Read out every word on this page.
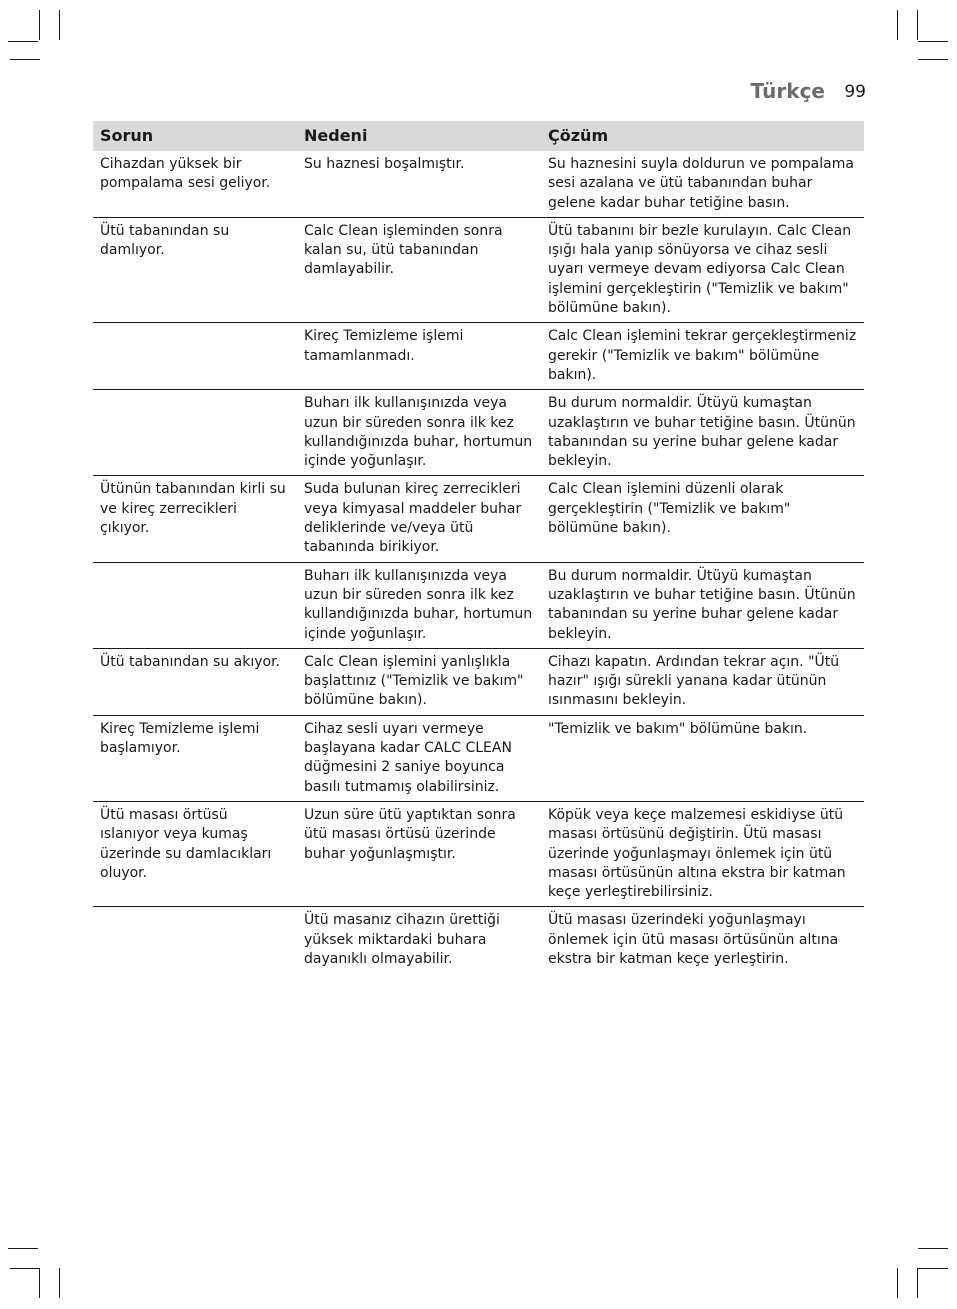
Türkçe	99
Sorun	Nedeni	Çözüm
Cihazdan yüksek bir pompalama sesi geliyor.	Su haznesi boşalmıştır.	Su haznesini suyla doldurun ve pompalama sesi azalana ve ütü tabanından buhar gelene kadar buhar tetiğine basın.
Ütü tabanından su damlıyor.	Calc Clean işleminden sonra kalan su, ütü tabanından damlayabilir.	Ütü tabanını bir bezle kurulayın. Calc Clean ışığı hala yanıp sönüyorsa ve cihaz sesli uyarı vermeye devam ediyorsa Calc Clean işlemini gerçekleştirin ("Temizlik ve bakım" bölümüne bakın).
	Kireç Temizleme işlemi tamamlanmadı.	Calc Clean işlemini tekrar gerçekleştirmeniz gerekir ("Temizlik ve bakım" bölümüne bakın).
	Buharı ilk kullanışınızda veya uzun bir süreden sonra ilk kez kullandığınızda buhar, hortumun içinde yoğunlaşır.	Bu durum normaldir. Ütüyü kumaştan uzaklaştırın ve buhar tetiğine basın. Ütünün tabanından su yerine buhar gelene kadar bekleyin.
Ütünün tabanından kirli su ve kireç zerrecikleri çıkıyor.	Suda bulunan kireç zerrecikleri veya kimyasal maddeler buhar deliklerinde ve/veya ütü tabanında birikiyor.	Calc Clean işlemini düzenli olarak gerçekleştirin ("Temizlik ve bakım" bölümüne bakın).
	Buharı ilk kullanışınızda veya uzun bir süreden sonra ilk kez kullandığınızda buhar, hortumun içinde yoğunlaşır.	Bu durum normaldir. Ütüyü kumaştan uzaklaştırın ve buhar tetiğine basın. Ütünün tabanından su yerine buhar gelene kadar bekleyin.
Ütü tabanından su akıyor.	Calc Clean işlemini yanlışlıkla başlattınız ("Temizlik ve bakım" bölümüne bakın).	Cihazı kapatın. Ardından tekrar açın. "Ütü hazır" ışığı sürekli yanana kadar ütünün ısınmasını bekleyin.
Kireç Temizleme işlemi başlamıyor.	Cihaz sesli uyarı vermeye başlayana kadar CALC CLEAN düğmesini 2 saniye boyunca basılı tutmamış olabilirsiniz.	"Temizlik ve bakım" bölümüne bakın.
Ütü masası örtüsü ıslanıyor veya kumaş üzerinde su damlacıkları oluyor.	Uzun süre ütü yaptıktan sonra ütü masası örtüsü üzerinde buhar yoğunlaşmıştır.	Köpük veya keçe malzemesi eskidiyse ütü masası örtüsünü değiştirin. Ütü masası üzerinde yoğunlaşmayı önlemek için ütü masası örtüsünün altına ekstra bir katman keçe yerleştirebilirsiniz.
	Ütü masanız cihazın ürettiği yüksek miktardaki buhara dayanıklı olmayabilir.	Ütü masası üzerindeki yoğunlaşmayı önlemek için ütü masası örtüsünün altına ekstra bir katman keçe yerleştirin.
